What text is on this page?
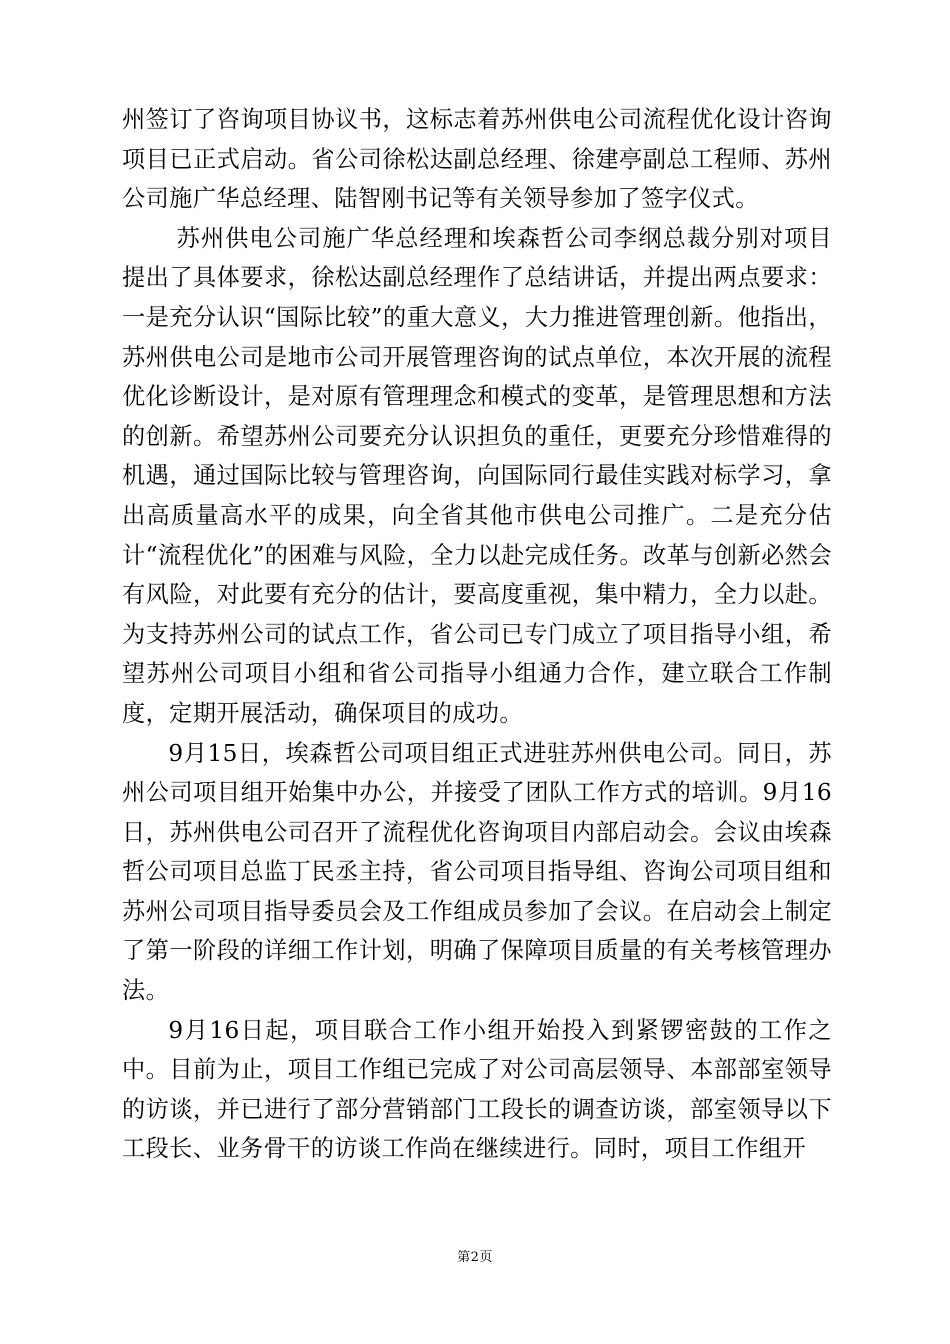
州签订了咨询项目协议书，这标志着苏州供电公司流程优化设计咨询项目已正式启动。省公司徐松达副总经理、徐建亭副总工程师、苏州公司施广华总经理、陆智刚书记等有关领导参加了签字仪式。

苏州供电公司施广华总经理和埃森哲公司李纲总裁分别对项目提出了具体要求，徐松达副总经理作了总结讲话，并提出两点要求：一是充分认识“国际比较”的重大意义，大力推进管理创新。他指出，苏州供电公司是地市公司开展管理咨询的试点单位，本次开展的流程优化诊断设计，是对原有管理理念和模式的变革，是管理思想和方法的创新。希望苏州公司要充分认识担负的重任，更要充分珍惜难得的机遇，通过国际比较与管理咨询，向国际同行最佳实践对标学习，拿出高质量高水平的成果，向全省其他市供电公司推广。二是充分估计“流程优化”的困难与风险，全力以赴完成任务。改革与创新必然会有风险，对此要有充分的估计，要高度重视，集中精力，全力以赴。为支持苏州公司的试点工作，省公司已专门成立了项目指导小组，希望苏州公司项目小组和省公司指导小组通力合作，建立联合工作制度，定期开展活动，确保项目的成功。

9月15日，埃森哲公司项目组正式进驻苏州供电公司。同日，苏州公司项目组开始集中办公，并接受了团队工作方式的培训。9月16日，苏州供电公司召开了流程优化咨询项目内部启动会。会议由埃森哲公司项目总监丁民丞主持，省公司项目指导组、咨询公司项目组和苏州公司项目指导委员会及工作组成员参加了会议。在启动会上制定了第一阶段的详细工作计划，明确了保障项目质量的有关考核管理办法。

9月16日起，项目联合工作小组开始投入到紧锣密鼓的工作之中。目前为止，项目工作组已完成了对公司高层领导、本部部室领导的访谈，并已进行了部分营销部门工段长的调查访谈，部室领导以下工段长、业务骨干的访谈工作尚在继续进行。同时，项目工作组开

第2页
